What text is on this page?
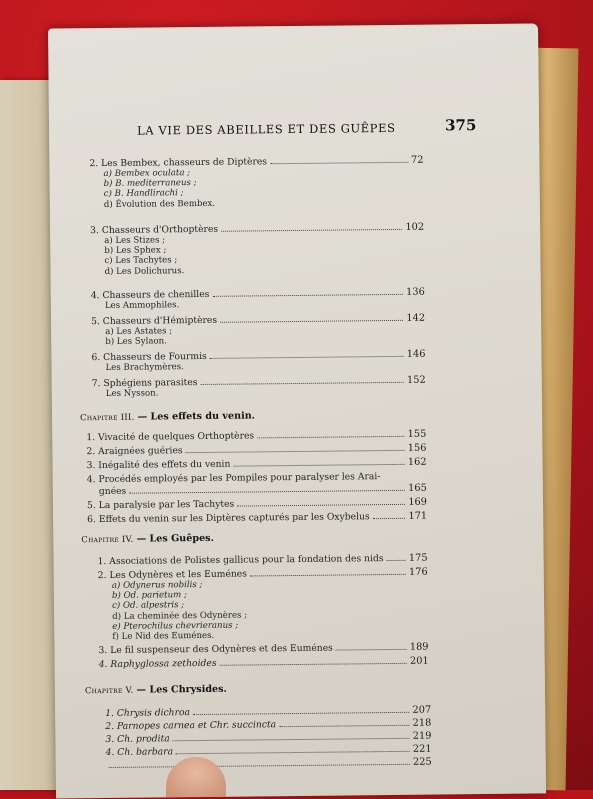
LA VIE DES ABEILLES ET DES GUÊPES	375
2. Les Bembex, chasseurs de Diptères	72
a) Bembex oculata ;
b) B. mediterraneus ;
c) B. Handlirachi ;
d) Évolution des Bembex.
3. Chasseurs d'Orthoptères	102
a) Les Stizes ;
b) Les Sphex ;
c) Les Tachytes ;
d) Les Dolichurus.
4. Chasseurs de chenilles	136
Les Ammophiles.
5. Chasseurs d'Hémiptères	142
a) Les Astates ;
b) Les Sylaon.
6. Chasseurs de Fourmis	146
Les Brachymères.
7. Sphégiens parasites	152
Les Nysson.
Chapitre III. — Les effets du venin.
1. Vivacité de quelques Orthoptères	155
2. Araignées guéries	156
3. Inégalité des effets du venin	162
4. Procédés employés par les Pompiles pour paralyser les Arai-
gnées	165
5. La paralysie par les Tachytes	169
6. Effets du venin sur les Diptères capturés par les Oxybelus	171
Chapitre IV. — Les Guêpes.
1. Associations de Polistes gallicus pour la fondation des nids	175
2. Les Odynères et les Euménes	176
a) Odynerus nobilis ;
b) Od. parietum ;
c) Od. alpestris ;
d) La cheminée des Odynères ;
e) Pterochilus chevrieranus ;
f) Le Nid des Euménes.
3. Le fil suspenseur des Odynères et des Euménes	189
4. Raphyglossa zethoides	201
Chapitre V. — Les Chrysides.
1. Chrysis dichroa	207
2. Parnopes carnea et Chr. succincta	218
3. Ch. prodita	219
4. Ch. barbara	221
225
